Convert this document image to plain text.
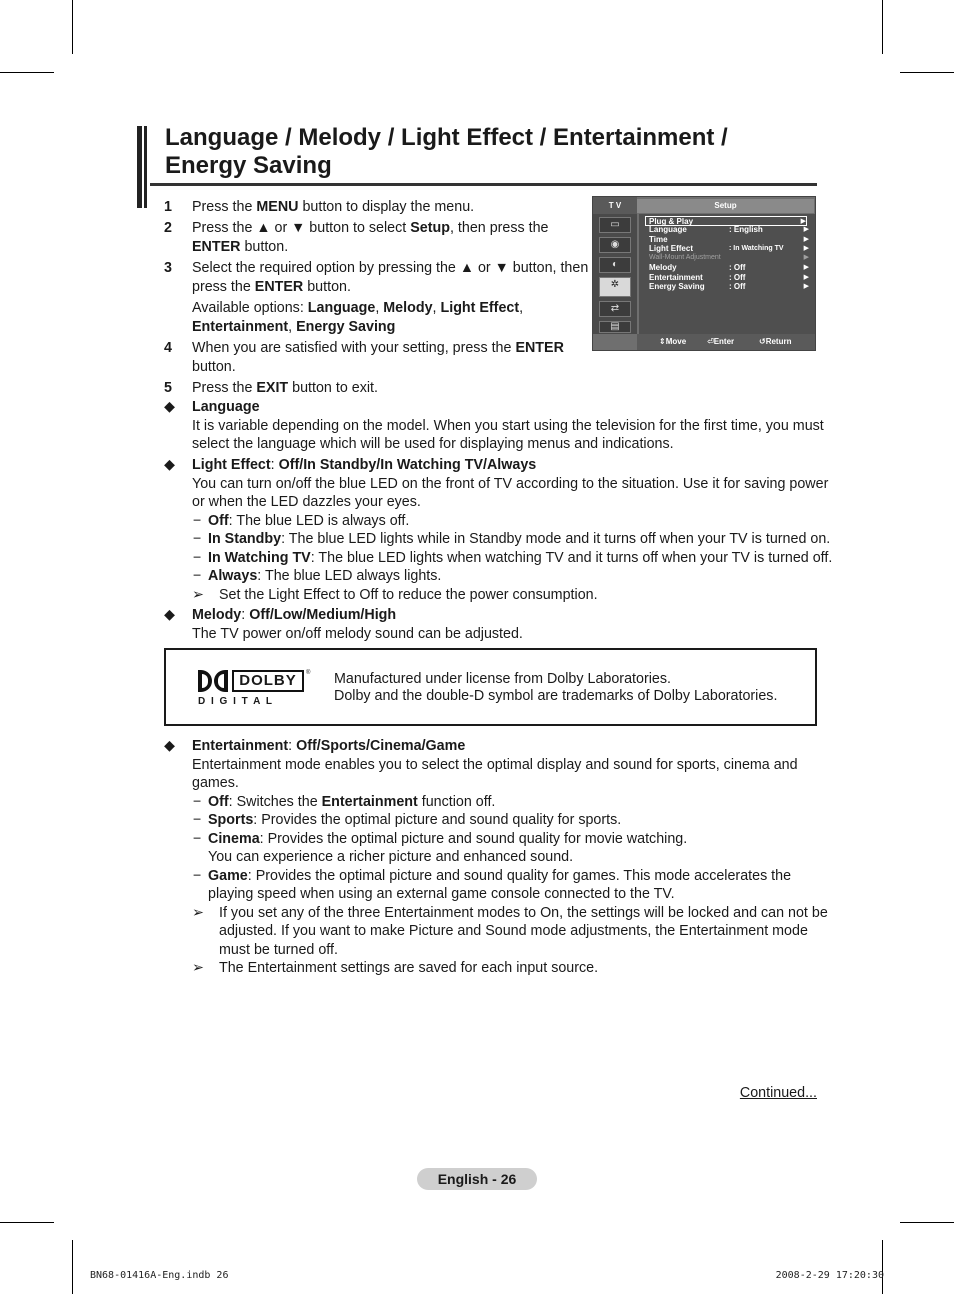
Language / Melody / Light Effect / Entertainment /
Energy Saving
1 Press the MENU button to display the menu.
2 Press the ▲ or ▼ button to select Setup, then press the
ENTER button.
3 Select the required option by pressing the ▲ or ▼ button, then
press the ENTER button.
Available options: Language, Melody, Light Effect,
Entertainment, Energy Saving
4 When you are satisfied with your setting, press the ENTER
button.
5 Press the EXIT button to exit.
T V	Setup
▭
◉
◐
✲
⇄
▤
Plug & Play	▶
Language	: English	▶
Time	▶
Light Effect	: In Watching TV	▶
Wall-Mount Adjustment	▶
Melody	: Off	▶
Entertainment	: Off	▶
Energy Saving	: Off	▶
⇕ Move	⏎ Enter	↺ Return
◆ Language
It is variable depending on the model. When you start using the television for the first time, you must
select the language which will be used for displaying menus and indications.
◆ Light Effect: Off/In Standby/In Watching TV/Always
You can turn on/off the blue LED on the front of TV according to the situation. Use it for saving power
or when the LED dazzles your eyes.
− Off: The blue LED is always off.
− In Standby: The blue LED lights while in Standby mode and it turns off when your TV is turned on.
− In Watching TV: The blue LED lights when watching TV and it turns off when your TV is turned off.
− Always: The blue LED always lights.
➢ Set the Light Effect to Off to reduce the power consumption.
◆ Melody: Off/Low/Medium/High
The TV power on/off melody sound can be adjusted.
DOLBY	®
D I G I T A L
Manufactured under license from Dolby Laboratories.
Dolby and the double-D symbol are trademarks of Dolby Laboratories.
◆ Entertainment: Off/Sports/Cinema/Game
Entertainment mode enables you to select the optimal display and sound for sports, cinema and
games.
− Off: Switches the Entertainment function off.
− Sports: Provides the optimal picture and sound quality for sports.
− Cinema: Provides the optimal picture and sound quality for movie watching.
You can experience a richer picture and enhanced sound.
− Game: Provides the optimal picture and sound quality for games. This mode accelerates the
playing speed when using an external game console connected to the TV.
➢ If you set any of the three Entertainment modes to On, the settings will be locked and can not be
adjusted. If you want to make Picture and Sound mode adjustments, the Entertainment mode
must be turned off.
➢ The Entertainment settings are saved for each input source.
Continued...
English - 26
BN68-01416A-Eng.indb 26	2008-2-29 17:20:30
